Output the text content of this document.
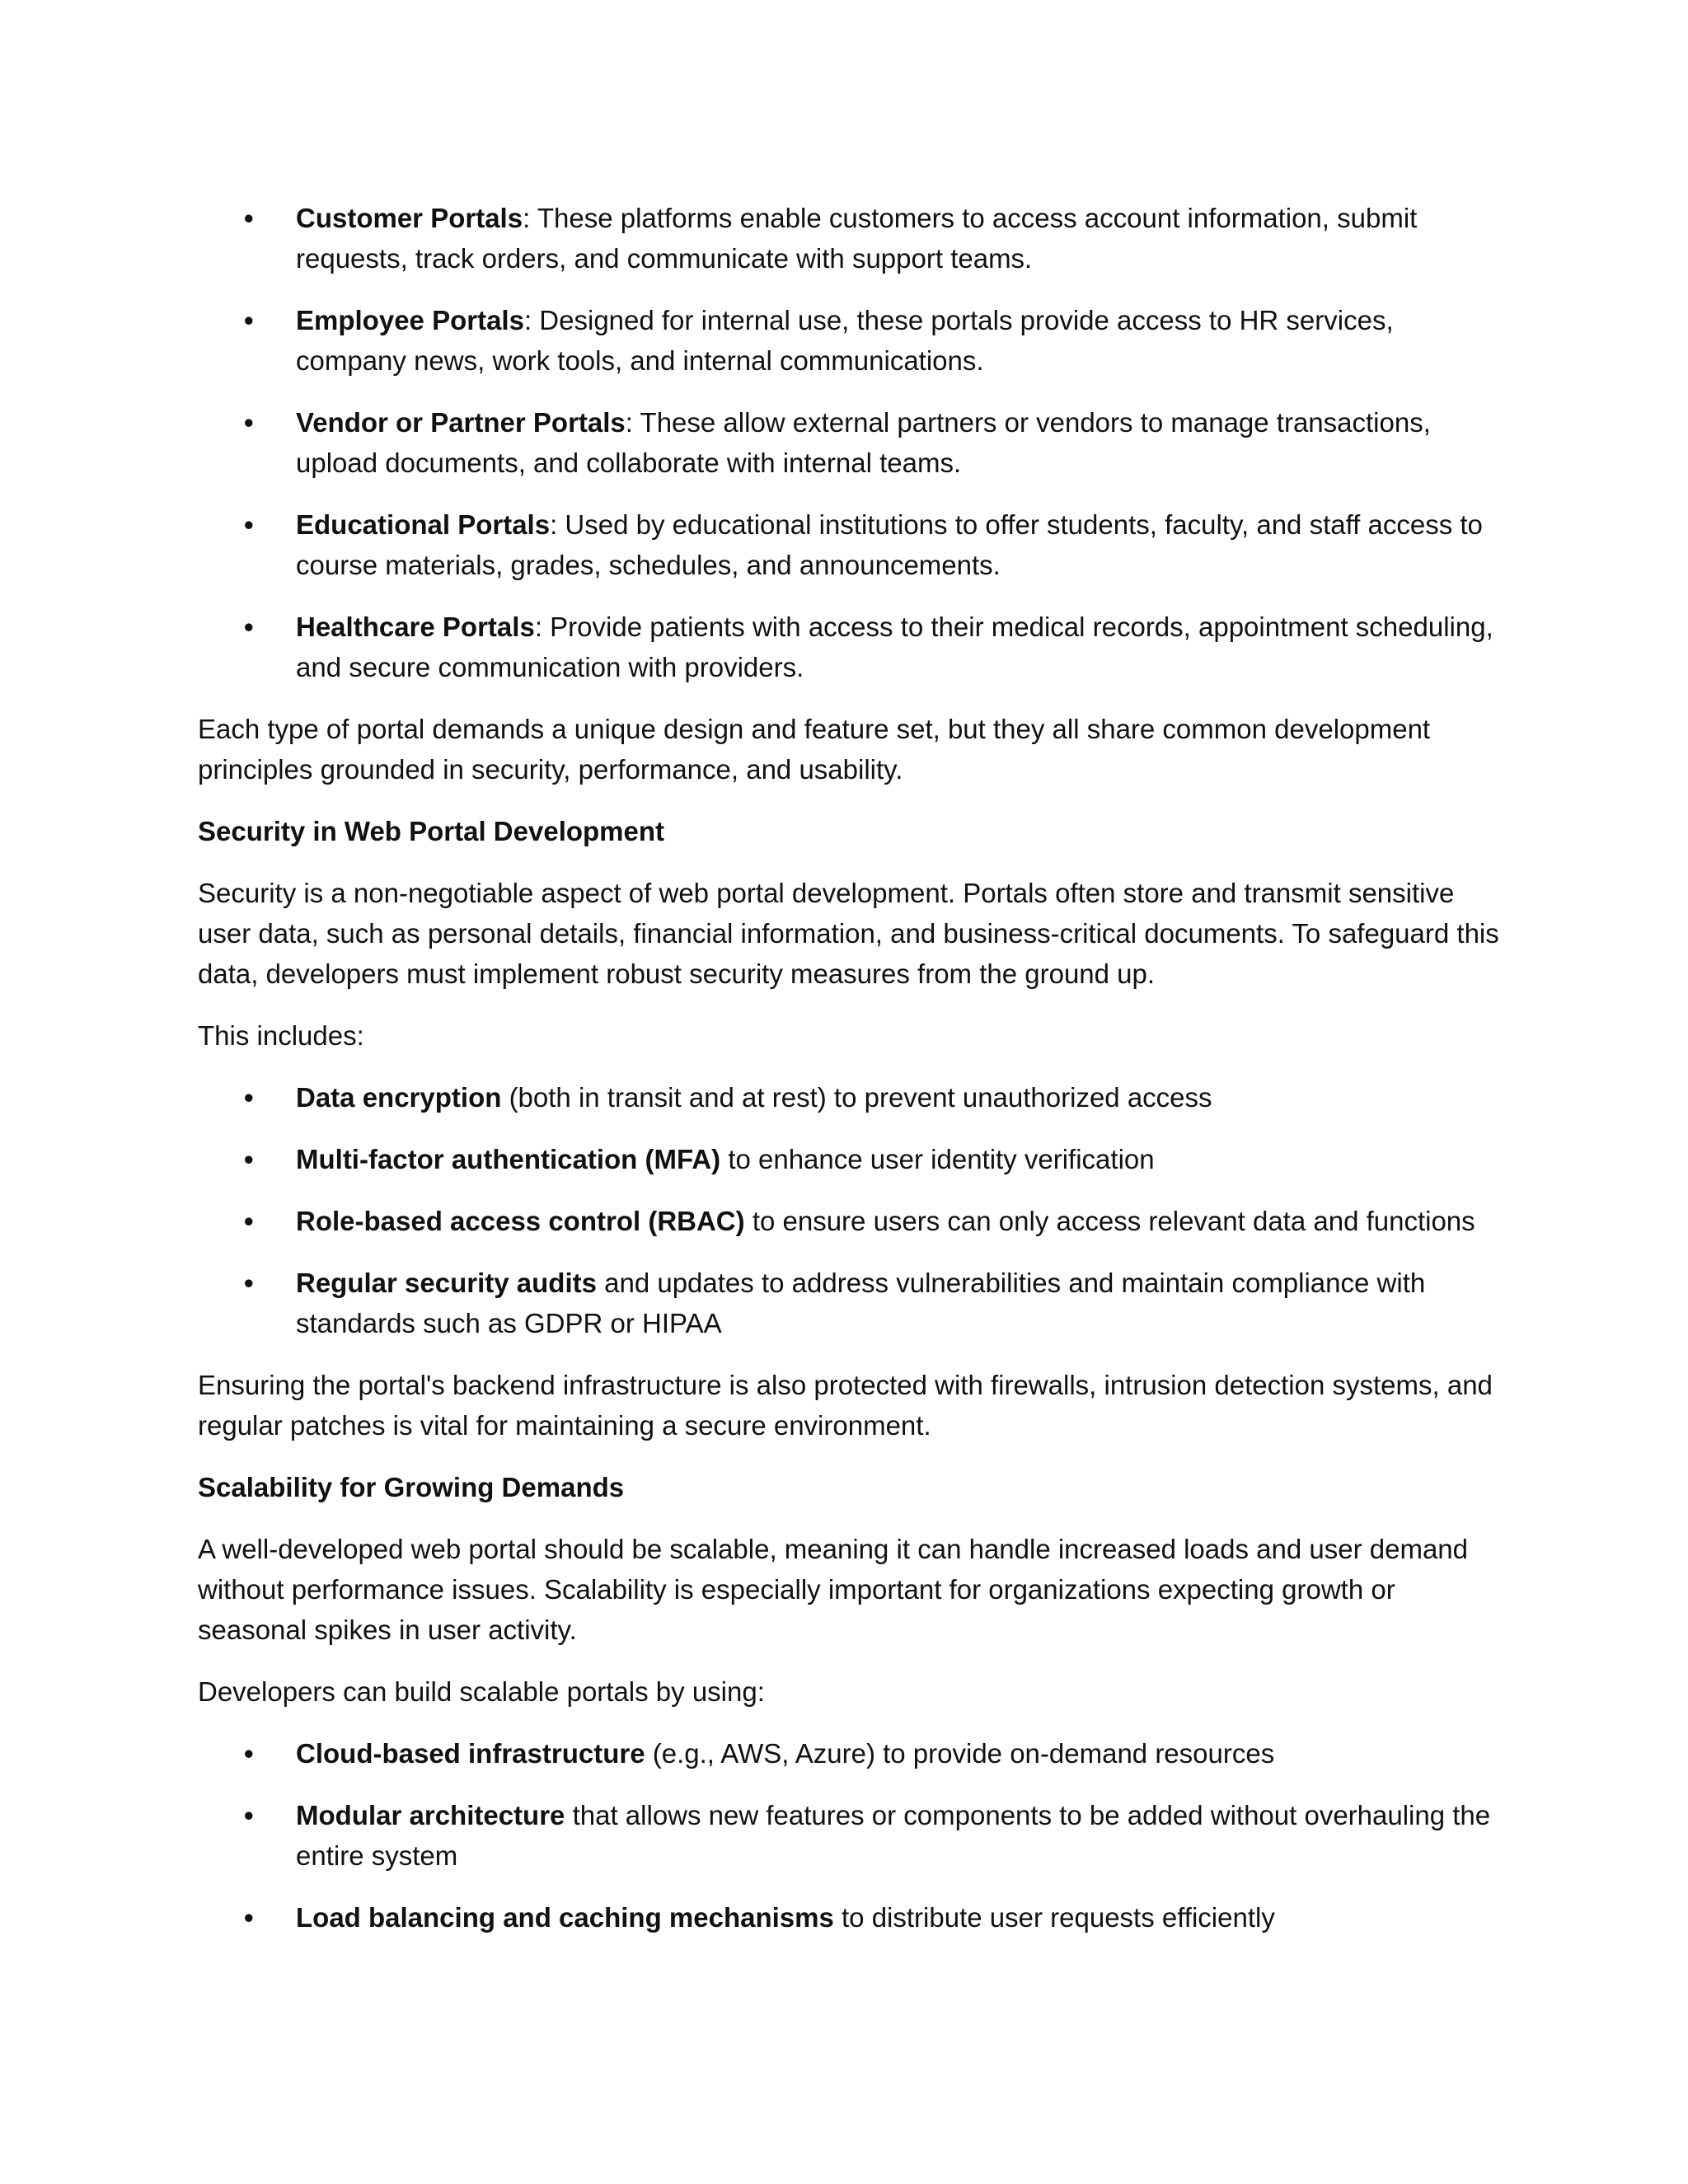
• Customer Portals: These platforms enable customers to access account information, submit requests, track orders, and communicate with support teams.
• Employee Portals: Designed for internal use, these portals provide access to HR services, company news, work tools, and internal communications.
• Vendor or Partner Portals: These allow external partners or vendors to manage transactions, upload documents, and collaborate with internal teams.
• Educational Portals: Used by educational institutions to offer students, faculty, and staff access to course materials, grades, schedules, and announcements.
• Healthcare Portals: Provide patients with access to their medical records, appointment scheduling, and secure communication with providers.

Each type of portal demands a unique design and feature set, but they all share common development principles grounded in security, performance, and usability.

Security in Web Portal Development

Security is a non-negotiable aspect of web portal development. Portals often store and transmit sensitive user data, such as personal details, financial information, and business-critical documents. To safeguard this data, developers must implement robust security measures from the ground up.

This includes:

• Data encryption (both in transit and at rest) to prevent unauthorized access
• Multi-factor authentication (MFA) to enhance user identity verification
• Role-based access control (RBAC) to ensure users can only access relevant data and functions
• Regular security audits and updates to address vulnerabilities and maintain compliance with standards such as GDPR or HIPAA

Ensuring the portal's backend infrastructure is also protected with firewalls, intrusion detection systems, and regular patches is vital for maintaining a secure environment.

Scalability for Growing Demands

A well-developed web portal should be scalable, meaning it can handle increased loads and user demand without performance issues. Scalability is especially important for organizations expecting growth or seasonal spikes in user activity.

Developers can build scalable portals by using:

• Cloud-based infrastructure (e.g., AWS, Azure) to provide on-demand resources
• Modular architecture that allows new features or components to be added without overhauling the entire system
• Load balancing and caching mechanisms to distribute user requests efficiently
